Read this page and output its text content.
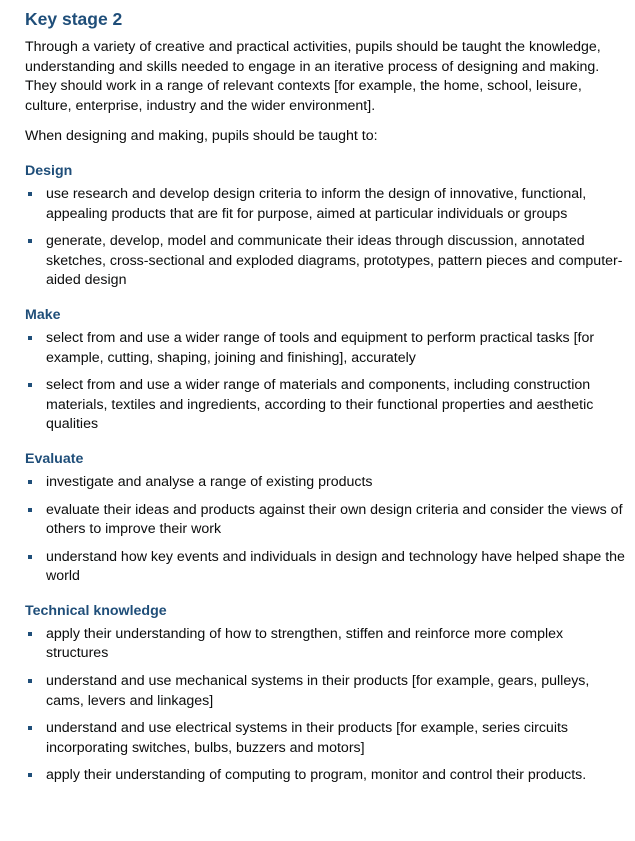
Key stage 2

Through a variety of creative and practical activities, pupils should be taught the knowledge, understanding and skills needed to engage in an iterative process of designing and making. They should work in a range of relevant contexts [for example, the home, school, leisure, culture, enterprise, industry and the wider environment].

When designing and making, pupils should be taught to:

Design
use research and develop design criteria to inform the design of innovative, functional, appealing products that are fit for purpose, aimed at particular individuals or groups
generate, develop, model and communicate their ideas through discussion, annotated sketches, cross-sectional and exploded diagrams, prototypes, pattern pieces and computer-aided design
Make
select from and use a wider range of tools and equipment to perform practical tasks [for example, cutting, shaping, joining and finishing], accurately
select from and use a wider range of materials and components, including construction materials, textiles and ingredients, according to their functional properties and aesthetic qualities
Evaluate
investigate and analyse a range of existing products
evaluate their ideas and products against their own design criteria and consider the views of others to improve their work
understand how key events and individuals in design and technology have helped shape the world
Technical knowledge
apply their understanding of how to strengthen, stiffen and reinforce more complex structures
understand and use mechanical systems in their products [for example, gears, pulleys, cams, levers and linkages]
understand and use electrical systems in their products [for example, series circuits incorporating switches, bulbs, buzzers and motors]
apply their understanding of computing to program, monitor and control their products.
